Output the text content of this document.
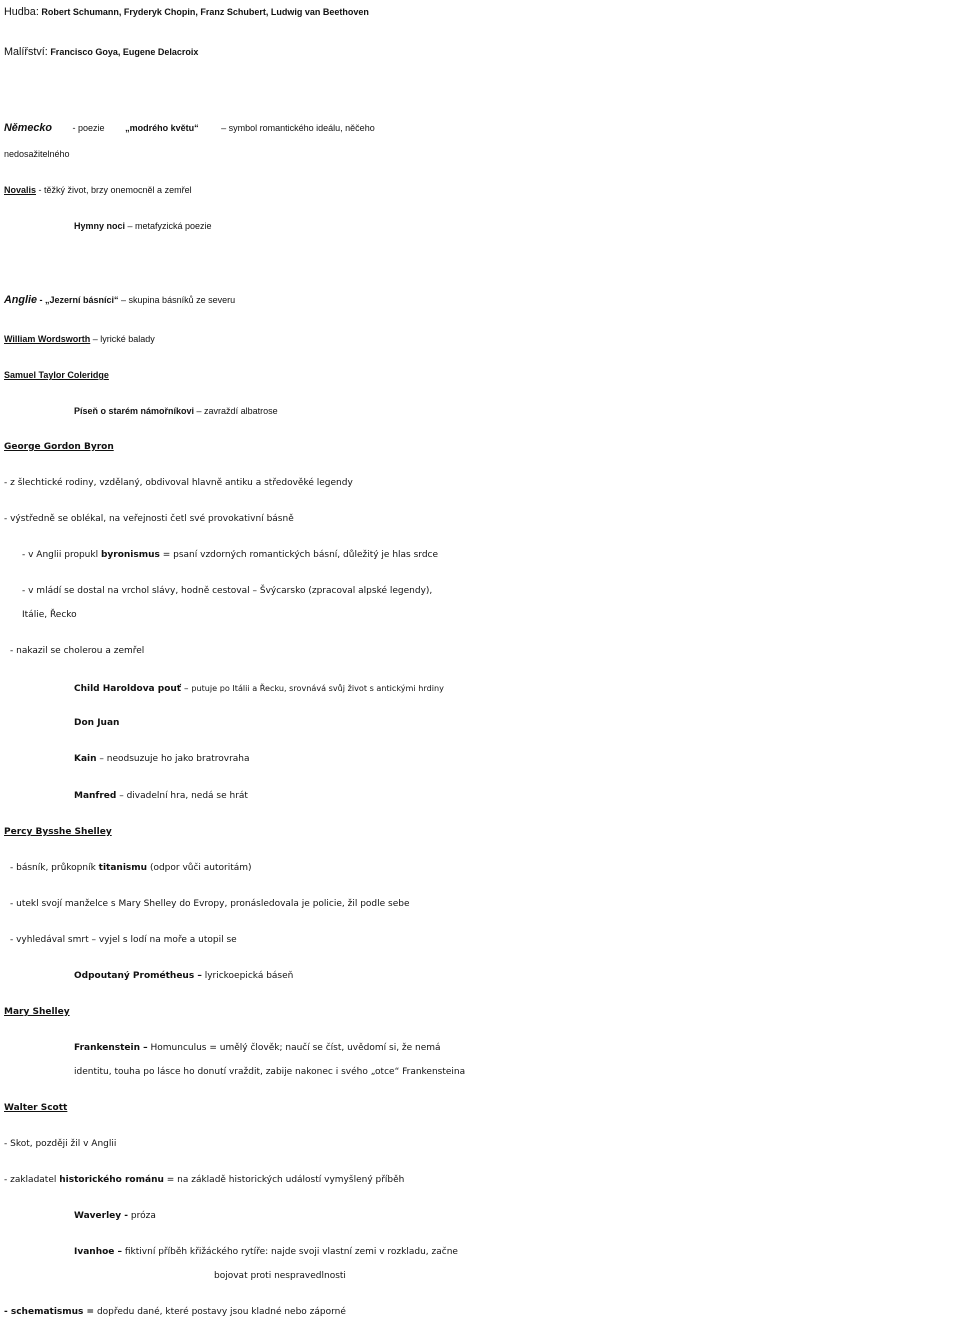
Hudba: Robert Schumann, Fryderyk Chopin, Franz Schubert, Ludwig van Beethoven
Malířství: Francisco Goya, Eugene Delacroix
Německo - poezie „modrého květu“	– symbol romantického ideálu, něčeho
nedosažitelného
Novalis - těžký život, brzy onemocněl a zemřel
Hymny noci – metafyzická poezie
Anglie - „Jezerní básníci“ – skupina básníků ze severu
William Wordsworth – lyrické balady
Samuel Taylor Coleridge
Píseň o starém námořníkovi – zavraždí albatrose
George Gordon Byron
- z šlechtické rodiny, vzdělaný, obdivoval hlavně antiku a středověké legendy
- výstředně se oblékal, na veřejnosti četl své provokativní básně
- v Anglii propukl byronismus = psaní vzdorných romantických básní, důležitý je hlas srdce
- v mládí se dostal na vrchol slávy, hodně cestoval – Švýcarsko (zpracoval alpské legendy),
Itálie, Řecko
- nakazil se cholerou a zemřel
Child Haroldova pouť – putuje po Itálii a Řecku, srovnává svůj život s antickými hrdiny
Don Juan
Kain – neodsuzuje ho jako bratrovraha
Manfred – divadelní hra, nedá se hrát
Percy Bysshe Shelley
- básník, průkopník titanismu (odpor vůči autoritám)
- utekl svojí manželce s Mary Shelley do Evropy, pronásledovala je policie, žil podle sebe
- vyhledával smrt – vyjel s lodí na moře a utopil se
Odpoutaný Prométheus – lyrickoepická báseň
Mary Shelley
Frankenstein – Homunculus = umělý člověk; naučí se číst, uvědomí si, že nemá
identitu, touha po lásce ho donutí vraždit, zabije nakonec i svého „otce“ Frankensteina
Walter Scott
- Skot, později žil v Anglii
- zakladatel historického románu = na základě historických událostí vymyšlený příběh
Waverley - próza
Ivanhoe – fiktivní příběh křižáckého rytíře: najde svoji vlastní zemi v rozkladu, začne
bojovat proti nespravedlnosti
- schematismus = dopředu dané, které postavy jsou kladné nebo záporné
